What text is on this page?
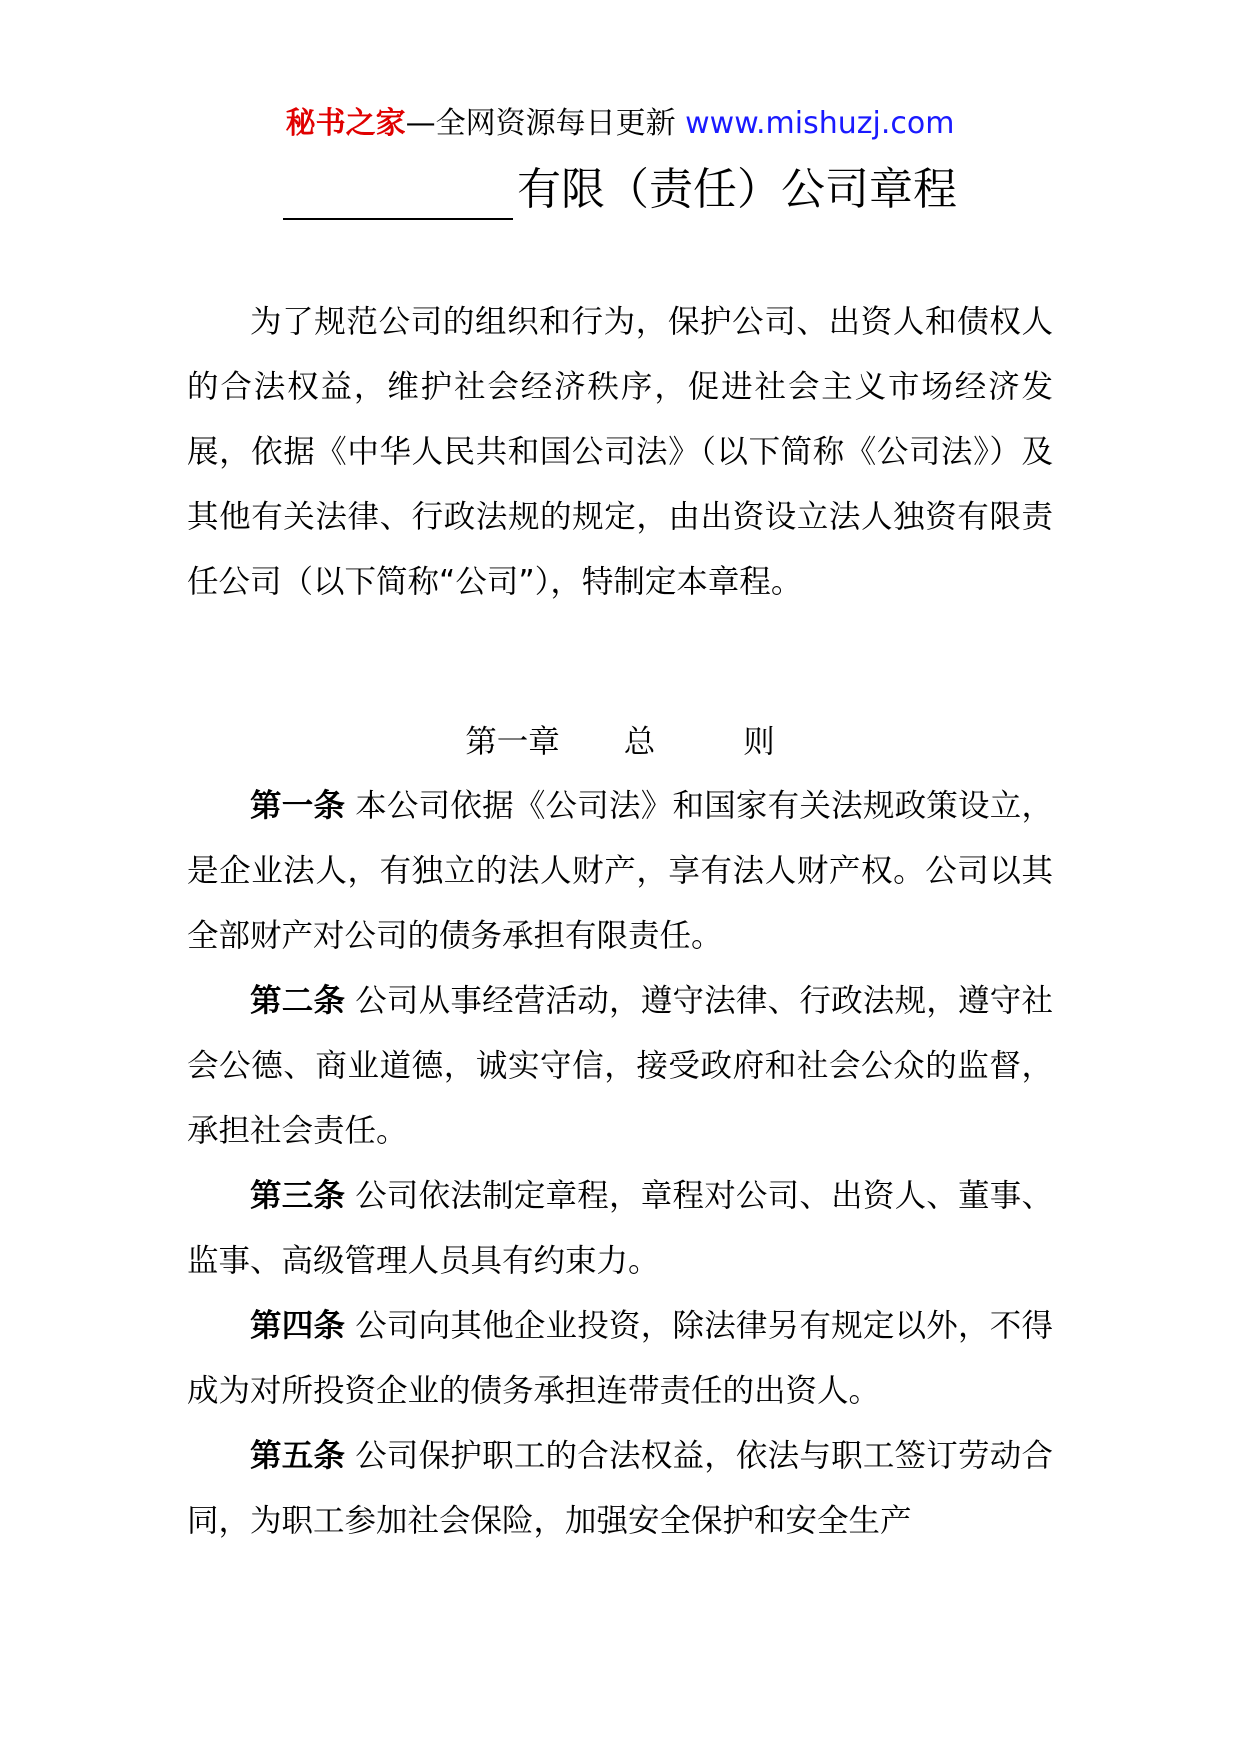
秘书之家—全网资源每日更新 www.mishuzj.com
有限（责任）公司章程

为了规范公司的组织和行为，保护公司、出资人和债权人的合法权益，维护社会经济秩序，促进社会主义市场经济发展，依据《中华人民共和国公司法》（以下简称《公司法》）及其他有关法律、行政法规的规定，由出资设立法人独资有限责任公司（以下简称“公司”），特制定本章程。

第一章 总	则

第一条 本公司依据《公司法》和国家有关法规政策设立，是企业法人，有独立的法人财产，享有法人财产权。公司以其全部财产对公司的债务承担有限责任。

第二条 公司从事经营活动，遵守法律、行政法规，遵守社会公德、商业道德，诚实守信，接受政府和社会公众的监督，承担社会责任。

第三条 公司依法制定章程，章程对公司、出资人、董事、监事、高级管理人员具有约束力。

第四条 公司向其他企业投资，除法律另有规定以外，不得成为对所投资企业的债务承担连带责任的出资人。

第五条 公司保护职工的合法权益，依法与职工签订劳动合同，为职工参加社会保险，加强安全保护和安全生产
